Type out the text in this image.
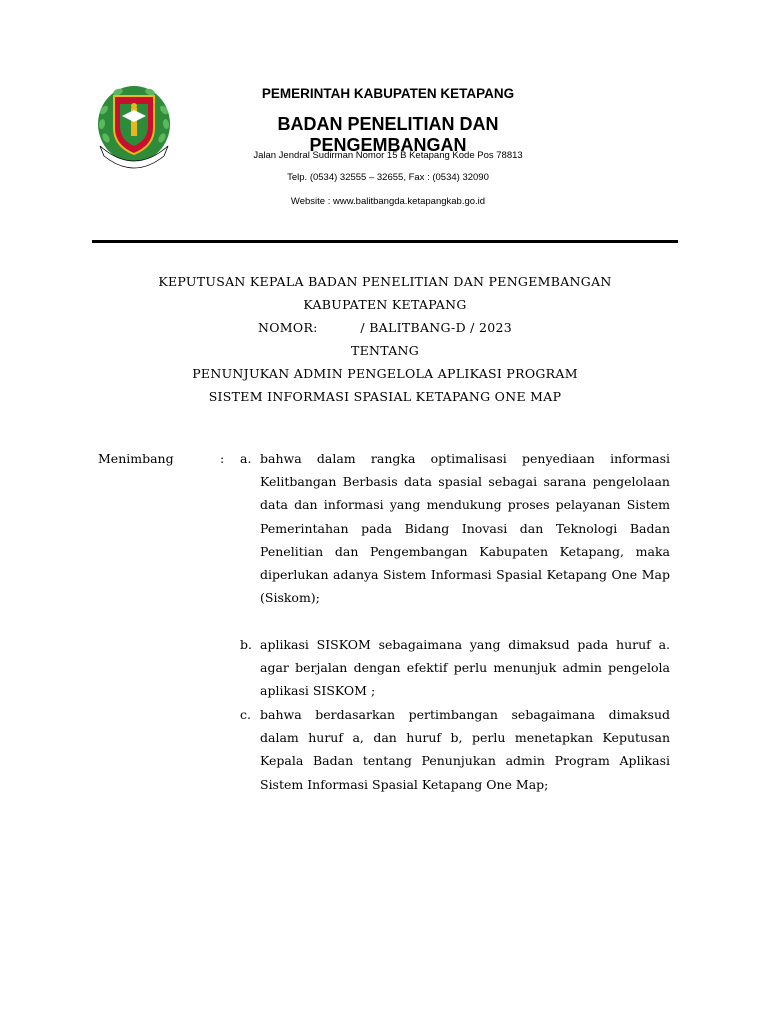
PEMERINTAH KABUPATEN KETAPANG
BADAN PENELITIAN DAN PENGEMBANGAN
Jalan Jendral Sudirman Nomor 15 B Ketapang Kode Pos 78813
Telp. (0534) 32555 – 32655, Fax : (0534) 32090
Website : www.balitbangda.ketapangkab.go.id
KEPUTUSAN KEPALA BADAN PENELITIAN DAN PENGEMBANGAN
KABUPATEN KETAPANG
NOMOR:          / BALITBANG-D / 2023
TENTANG
PENUNJUKAN ADMIN PENGELOLA APLIKASI PROGRAM
SISTEM INFORMASI SPASIAL KETAPANG ONE MAP
Menimbang	: a. bahwa dalam rangka optimalisasi penyediaan informasi Kelitbangan Berbasis data spasial sebagai sarana pengelolaan data dan informasi yang mendukung proses pelayanan Sistem Pemerintahan pada Bidang Inovasi dan Teknologi Badan Penelitian dan Pengembangan Kabupaten Ketapang, maka diperlukan adanya Sistem Informasi Spasial Ketapang One Map (Siskom);
b. aplikasi SISKOM sebagaimana yang dimaksud pada huruf a. agar berjalan dengan efektif perlu menunjuk admin pengelola aplikasi SISKOM ;
c. bahwa berdasarkan pertimbangan sebagaimana dimaksud dalam huruf a, dan huruf b, perlu menetapkan Keputusan Kepala Badan tentang Penunjukan admin Program Aplikasi Sistem Informasi Spasial Ketapang One Map;
